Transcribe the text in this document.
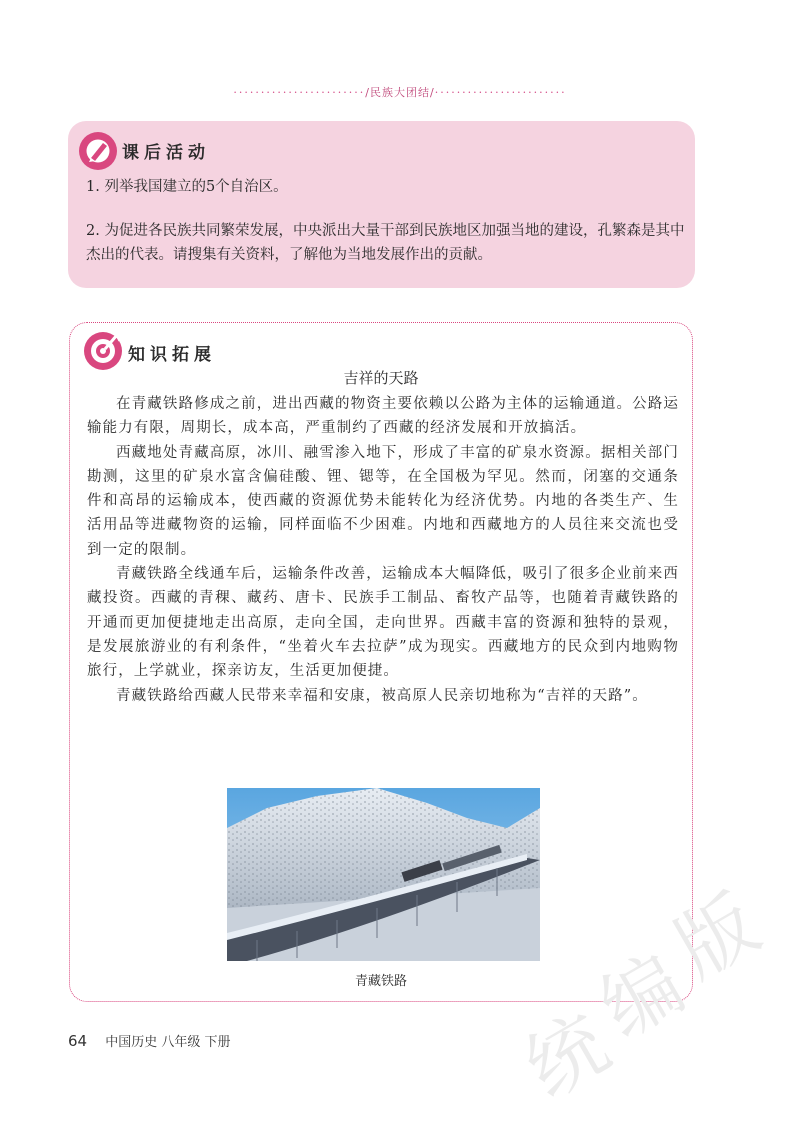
························/民族大团结/························
课后活动
1. 列举我国建立的5个自治区。
2. 为促进各民族共同繁荣发展，中央派出大量干部到民族地区加强当地的建设，孔繁森是其中杰出的代表。请搜集有关资料，了解他为当地发展作出的贡献。
知识拓展
吉祥的天路

在青藏铁路修成之前，进出西藏的物资主要依赖以公路为主体的运输通道。公路运输能力有限，周期长，成本高，严重制约了西藏的经济发展和开放搞活。

西藏地处青藏高原，冰川、融雪渗入地下，形成了丰富的矿泉水资源。据相关部门勘测，这里的矿泉水富含偏硅酸、锂、锶等，在全国极为罕见。然而，闭塞的交通条件和高昂的运输成本，使西藏的资源优势未能转化为经济优势。内地的各类生产、生活用品等进藏物资的运输，同样面临不少困难。内地和西藏地方的人员往来交流也受到一定的限制。

青藏铁路全线通车后，运输条件改善，运输成本大幅降低，吸引了很多企业前来西藏投资。西藏的青稞、藏药、唐卡、民族手工制品、畜牧产品等，也随着青藏铁路的开通而更加便捷地走出高原，走向全国，走向世界。西藏丰富的资源和独特的景观，是发展旅游业的有利条件，“坐着火车去拉萨”成为现实。西藏地方的民众到内地购物旅行，上学就业，探亲访友，生活更加便捷。

青藏铁路给西藏人民带来幸福和安康，被高原人民亲切地称为“吉祥的天路”。

青藏铁路
64 中国历史 八年级 下册	统
编
版
